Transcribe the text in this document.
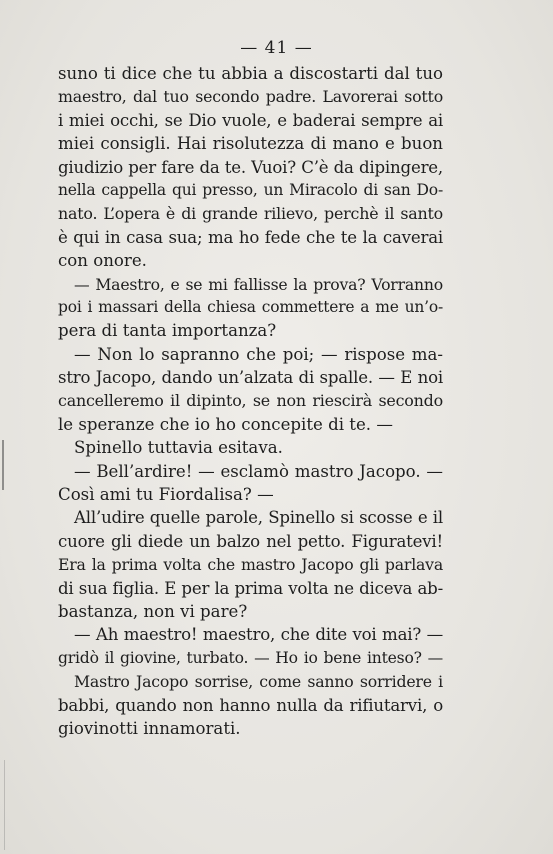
— 41 —
suno ti dice che tu abbia a discostarti dal tuo
maestro, dal tuo secondo padre. Lavorerai sotto
i miei occhi, se Dio vuole, e baderai sempre ai
miei consigli. Hai risolutezza di mano e buon
giudizio per fare da te. Vuoi? C’è da dipingere,
nella cappella qui presso, un Miracolo di san Do-
nato. L’opera è di grande rilievo, perchè il santo
è qui in casa sua; ma ho fede che te la caverai
con onore.
— Maestro, e se mi fallisse la prova? Vorranno
poi i massari della chiesa commettere a me un’o-
pera di tanta importanza?
— Non lo sapranno che poi; — rispose ma-
stro Jacopo, dando un’alzata di spalle. — E noi
cancelleremo il dipinto, se non riescirà secondo
le speranze che io ho concepite di te. —
Spinello tuttavia esitava.
— Bell’ardire! — esclamò mastro Jacopo. —
Così ami tu Fiordalisa? —
All’udire quelle parole, Spinello si scosse e il
cuore gli diede un balzo nel petto. Figuratevi!
Era la prima volta che mastro Jacopo gli parlava
di sua figlia. E per la prima volta ne diceva ab-
bastanza, non vi pare?
— Ah maestro! maestro, che dite voi mai? —
gridò il giovine, turbato. — Ho io bene inteso? —
Mastro Jacopo sorrise, come sanno sorridere i
babbi, quando non hanno nulla da rifiutarvi, o
giovinotti innamorati.
